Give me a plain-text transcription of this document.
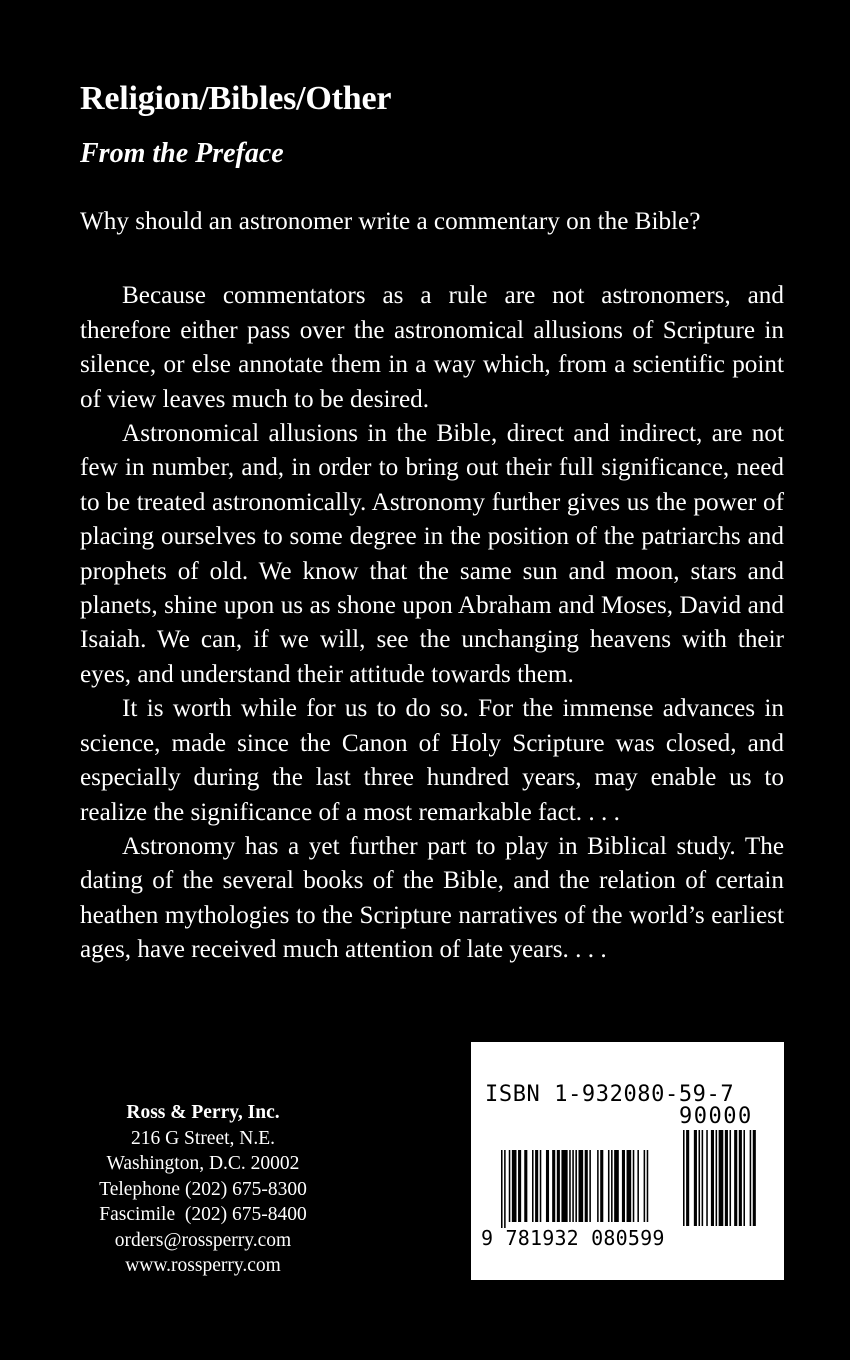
Religion/Bibles/Other
From the Preface

Why should an astronomer write a commentary on the Bible?

Because commentators as a rule are not astronomers, and therefore either pass over the astronomical allusions of Scripture in silence, or else annotate them in a way which, from a scientific point of view leaves much to be desired.

Astronomical allusions in the Bible, direct and indirect, are not few in number, and, in order to bring out their full significance, need to be treated astronomically. Astronomy further gives us the power of placing ourselves to some degree in the position of the patriarchs and prophets of old. We know that the same sun and moon, stars and planets, shine upon us as shone upon Abraham and Moses, David and Isaiah. We can, if we will, see the unchanging heavens with their eyes, and understand their attitude towards them.

It is worth while for us to do so. For the immense advances in science, made since the Canon of Holy Scripture was closed, and especially during the last three hundred years, may enable us to realize the significance of a most remarkable fact. . . .

Astronomy has a yet further part to play in Biblical study. The dating of the several books of the Bible, and the relation of certain heathen mythologies to the Scripture narratives of the world’s earliest ages, have received much attention of late years. . . .

Ross & Perry, Inc.
216 G Street, N.E.
Washington, D.C. 20002
Telephone (202) 675-8300
Fascimile  (202) 675-8400
orders@rossperry.com
www.rossperry.com
ISBN 1-932080-59-7
90000
9 781932 080599
